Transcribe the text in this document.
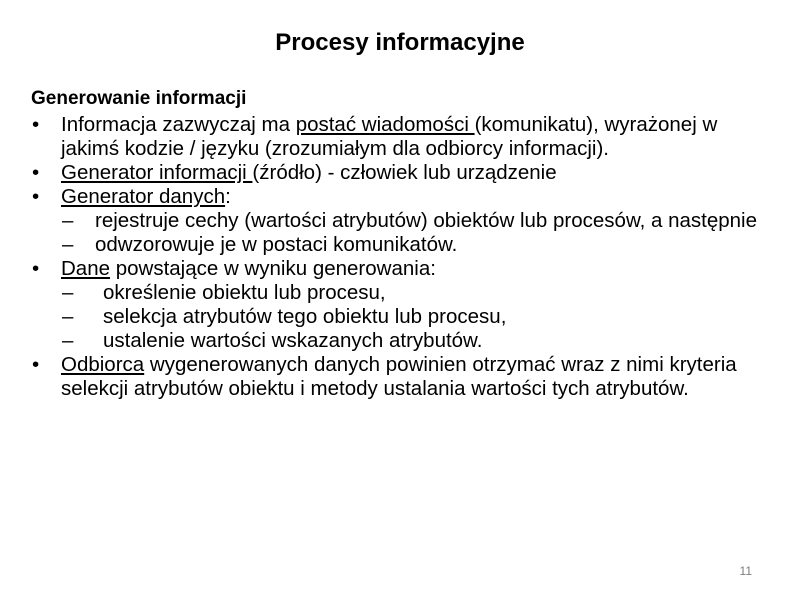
Procesy informacyjne
Generowanie informacji
• Informacja zazwyczaj ma postać wiadomości (komunikatu), wyrażonej w jakimś kodzie / języku (zrozumiałym dla odbiorcy informacji).
• Generator informacji (źródło) - człowiek lub urządzenie
• Generator danych:
– rejestruje cechy (wartości atrybutów) obiektów lub procesów, a następnie
– odwzorowuje je w postaci komunikatów.
• Dane powstające w wyniku generowania:
– określenie obiektu lub procesu,
– selekcja atrybutów tego obiektu lub procesu,
– ustalenie wartości wskazanych atrybutów.
• Odbiorca wygenerowanych danych powinien otrzymać wraz z nimi kryteria selekcji atrybutów obiektu i metody ustalania wartości tych atrybutów.
11
